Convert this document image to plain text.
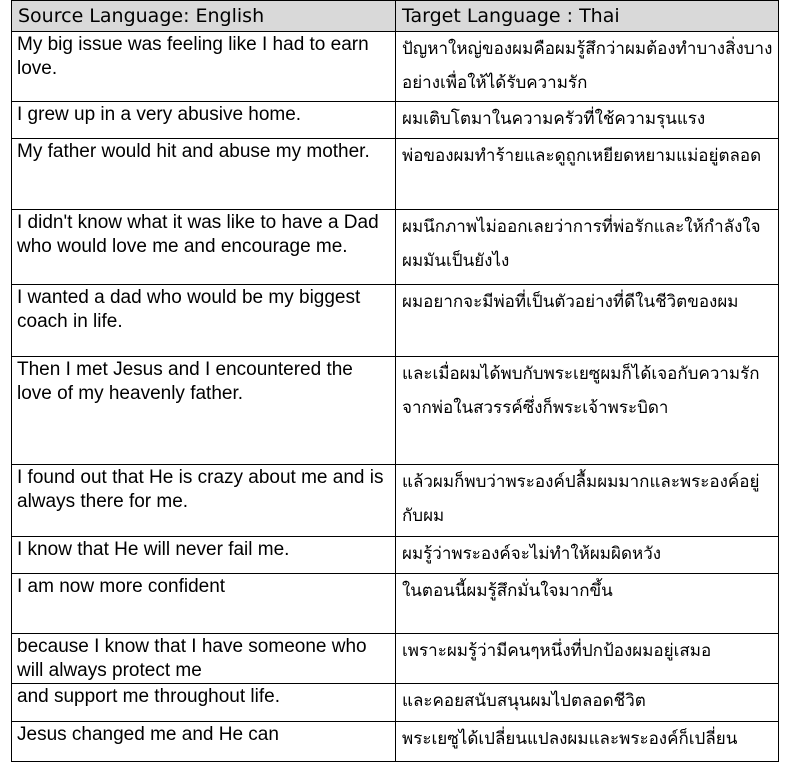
Source Language: English	Target Language : Thai
My big issue was feeling like I had to earn love.	ปัญหาใหญ่ของผมคือผมรู้สึกว่าผมต้องทำบางสิ่งบางอย่างเพื่อให้ได้รับความรัก
I grew up in a very abusive home.	ผมเติบโตมาในความครัวที่ใช้ความรุนแรง
My father would hit and abuse my mother.	พ่อของผมทำร้ายและดูถูกเหยียดหยามแม่อยู่ตลอด
I didn't know what it was like to have a Dad who would love me and encourage me.	ผมนึกภาพไม่ออกเลยว่าการที่พ่อรักและให้กำลังใจผมมันเป็นยังไง
I wanted a dad who would be my biggest coach in life.	ผมอยากจะมีพ่อที่เป็นตัวอย่างที่ดีในชีวิตของผม
Then I met Jesus and I encountered the love of my heavenly father.	และเมื่อผมได้พบกับพระเยซูผมก็ได้เจอกับความรักจากพ่อในสวรรค์ซึ่งก็พระเจ้าพระบิดา
I found out that He is crazy about me and is always there for me.	แล้วผมก็พบว่าพระองค์ปลื้มผมมากและพระองค์อยู่กับผม
I know that He will never fail me.	ผมรู้ว่าพระองค์จะไม่ทำให้ผมผิดหวัง
I am now more confident	ในตอนนี้ผมรู้สึกมั่นใจมากขึ้น
because I know that I have someone who will always protect me	เพราะผมรู้ว่ามีคนๆหนึ่งที่ปกป้องผมอยู่เสมอ
and support me throughout life.	และคอยสนับสนุนผมไปตลอดชีวิต
Jesus changed me and He can	พระเยซูได้เปลี่ยนแปลงผมและพระองค์ก็เปลี่ยน
